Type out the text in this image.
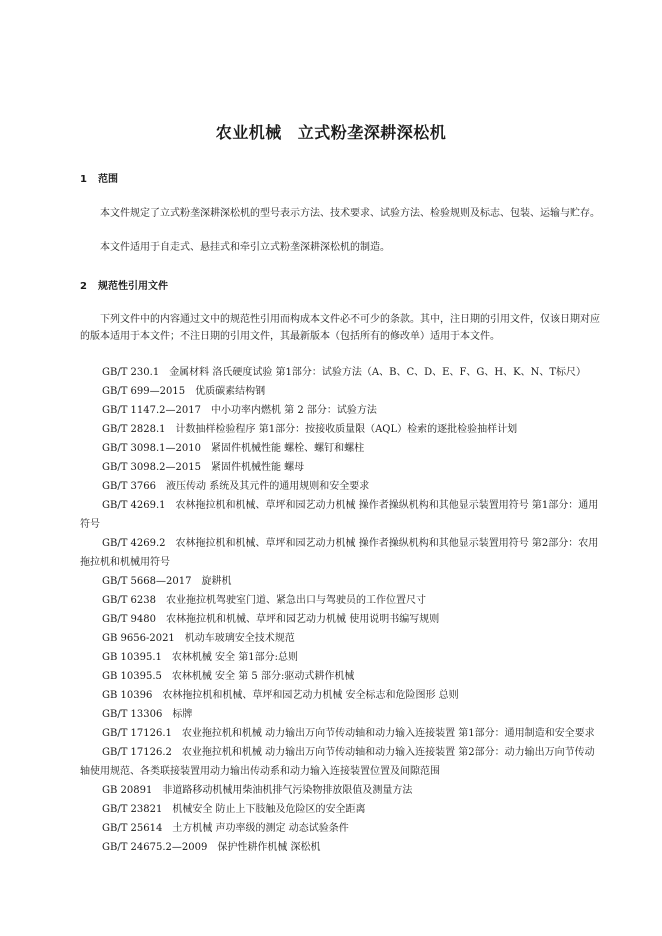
农业机械 立式粉垄深耕深松机
1 范围
本文件规定了立式粉垄深耕深松机的型号表示方法、技术要求、试验方法、检验规则及标志、包装、运输与贮存。
本文件适用于自走式、悬挂式和牵引立式粉垄深耕深松机的制造。
2 规范性引用文件
下列文件中的内容通过文中的规范性引用而构成本文件必不可少的条款。其中，注日期的引用文件，仅该日期对应的版本适用于本文件；不注日期的引用文件，其最新版本（包括所有的修改单）适用于本文件。
GB/T 230.1 金属材料 洛氏硬度试验 第1部分：试验方法（A、B、C、D、E、F、G、H、K、N、T标尺）
GB/T 699—2015 优质碳素结构钢
GB/T 1147.2—2017 中小功率内燃机 第 2 部分：试验方法
GB/T 2828.1 计数抽样检验程序 第1部分：按接收质量限（AQL）检索的逐批检验抽样计划
GB/T 3098.1—2010 紧固件机械性能 螺栓、螺钉和螺柱
GB/T 3098.2—2015 紧固件机械性能 螺母
GB/T 3766 液压传动 系统及其元件的通用规则和安全要求
GB/T 4269.1 农林拖拉机和机械、草坪和园艺动力机械 操作者操纵机构和其他显示装置用符号 第1部分：通用符号
GB/T 4269.2 农林拖拉机和机械、草坪和园艺动力机械 操作者操纵机构和其他显示装置用符号 第2部分：农用拖拉机和机械用符号
GB/T 5668—2017 旋耕机
GB/T 6238 农业拖拉机驾驶室门道、紧急出口与驾驶员的工作位置尺寸
GB/T 9480 农林拖拉机和机械、草坪和园艺动力机械 使用说明书编写规则
GB 9656-2021 机动车玻璃安全技术规范
GB 10395.1 农林机械 安全 第1部分:总则
GB 10395.5 农林机械 安全 第 5 部分:驱动式耕作机械
GB 10396 农林拖拉机和机械、草坪和园艺动力机械 安全标志和危险图形 总则
GB/T 13306 标牌
GB/T 17126.1 农业拖拉机和机械 动力输出万向节传动轴和动力输入连接装置 第1部分：通用制造和安全要求
GB/T 17126.2 农业拖拉机和机械 动力输出万向节传动轴和动力输入连接装置 第2部分：动力输出万向节传动轴使用规范、各类联接装置用动力输出传动系和动力输入连接装置位置及间隙范围
GB 20891 非道路移动机械用柴油机排气污染物排放限值及测量方法
GB/T 23821 机械安全 防止上下肢触及危险区的安全距离
GB/T 25614 土方机械 声功率级的测定 动态试验条件
GB/T 24675.2—2009 保护性耕作机械 深松机
